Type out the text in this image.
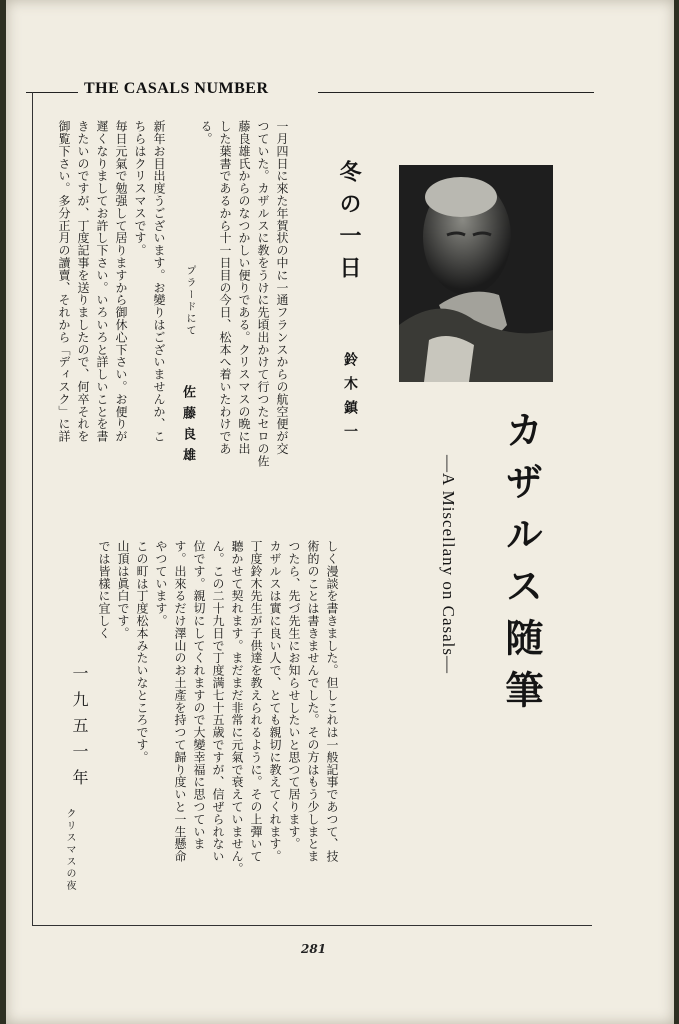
THE CASALS NUMBER
カザルス随筆
—A Miscellany on Casals—
冬の一日
鈴木鎮一

一月四日に來た年賀状の中に一通フランスからの航空便が交

つていた。カザルスに教をうけに先頃出かけて行つたセロの佐

藤良雄氏からのなつかしい便りである。クリスマスの晩に出

した葉書であるから十一日目の今日、松本へ着いたわけであ

る。

プラードにて
佐藤良雄

新年お目出度うございます。お變りはございませんか、こ

ちらはクリスマスです。

毎日元氣で勉强して居りますから御休心下さい。お便りが

遲くなりましてお許し下さい。いろいろと詳しいことを書

きたいのですが、丁度記事を送りましたので、何卒それを

御覧下さい。多分正月の讀賣、それから「ディスク」に詳

しく漫談を書きました。但しこれは一般記事であつて、技

術的のことは書きませんでした。その方はもう少しまとま

つたら、先づ先生にお知らせしたいと思つて居ります。

カザルスは實に良い人で、とても親切に教えてくれます。

丁度鈴木先生が子供達を教えられるように。その上彈いて

聽かせて契れます。まだまだ非常に元氣で衰えていません。

ん。この二十九日で丁度满七十五歳ですが、信ぜられない

位です。親切にしてくれますので大變幸福に思つていま

す。出來るだけ澤山のお土產を持つて歸り度いと一生懸命

やつています。

この町は丁度松本みたいなところです。

山頂は眞白です。

では皆樣に宜しく

一九五一年
クリスマスの夜
281
